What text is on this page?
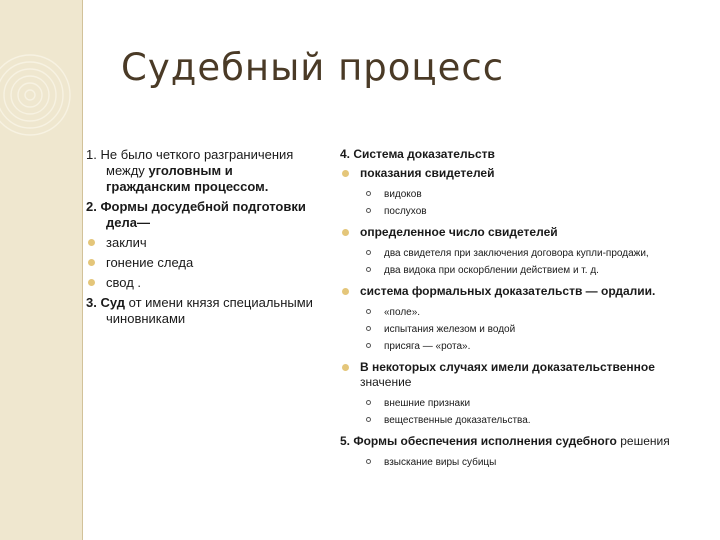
Судебный процесс

1. Не было четкого разграничения между уголовным и гражданским процессом.

2. Формы досудебной подготовки дела—

заклич
гонение следа
свод .

3. Суд от имени князя специальными чиновниками

4. Система доказательств

показания свидетелей
видоков
послухов
определенное число свидетелей
два свидетеля при заключения договора купли-продажи,
два видока при оскорблении действием и т. д.
система формальных доказательств — ордалии.
«поле».
испытания железом и водой
присяга — «рота».
В некоторых случаях имели доказательственное значение
внешние признаки
вещественные доказательства.

5. Формы обеспечения исполнения судебного решения

взыскание виры субицы
